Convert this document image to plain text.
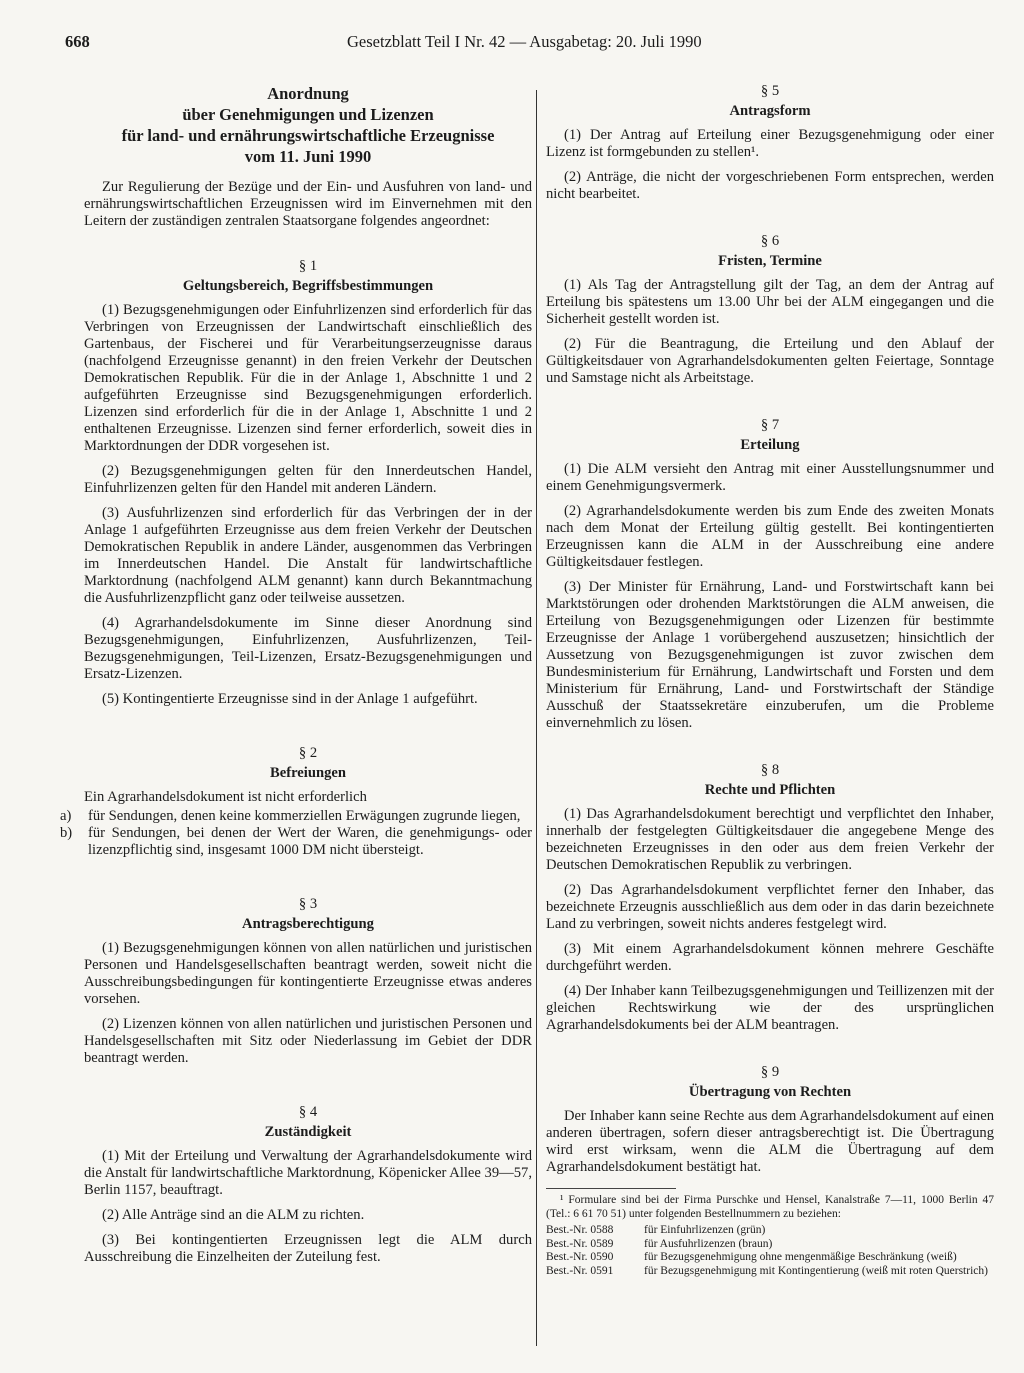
668	Gesetzblatt Teil I Nr. 42 — Ausgabetag: 20. Juli 1990
Anordnung
über Genehmigungen und Lizenzen
für land- und ernährungswirtschaftliche Erzeugnisse
vom 11. Juni 1990

Zur Regulierung der Bezüge und der Ein- und Ausfuhren von land- und ernährungswirtschaftlichen Erzeugnissen wird im Einvernehmen mit den Leitern der zuständigen zentralen Staatsorgane folgendes angeordnet:

§ 1
Geltungsbereich, Begriffsbestimmungen

(1) Bezugsgenehmigungen oder Einfuhrlizenzen sind erforderlich für das Verbringen von Erzeugnissen der Landwirtschaft einschließlich des Gartenbaus, der Fischerei und für Verarbeitungserzeugnisse daraus (nachfolgend Erzeugnisse genannt) in den freien Verkehr der Deutschen Demokratischen Republik. Für die in der Anlage 1, Abschnitte 1 und 2 aufgeführten Erzeugnisse sind Bezugsgenehmigungen erforderlich. Lizenzen sind erforderlich für die in der Anlage 1, Abschnitte 1 und 2 enthaltenen Erzeugnisse. Lizenzen sind ferner erforderlich, soweit dies in Marktordnungen der DDR vorgesehen ist.

(2) Bezugsgenehmigungen gelten für den Innerdeutschen Handel, Einfuhrlizenzen gelten für den Handel mit anderen Ländern.

(3) Ausfuhrlizenzen sind erforderlich für das Verbringen der in der Anlage 1 aufgeführten Erzeugnisse aus dem freien Verkehr der Deutschen Demokratischen Republik in andere Länder, ausgenommen das Verbringen im Innerdeutschen Handel. Die Anstalt für landwirtschaftliche Marktordnung (nachfolgend ALM genannt) kann durch Bekanntmachung die Ausfuhrlizenzpflicht ganz oder teilweise aussetzen.

(4) Agrarhandelsdokumente im Sinne dieser Anordnung sind Bezugsgenehmigungen, Einfuhrlizenzen, Ausfuhrlizenzen, Teil-Bezugsgenehmigungen, Teil-Lizenzen, Ersatz-Bezugsgenehmigungen und Ersatz-Lizenzen.

(5) Kontingentierte Erzeugnisse sind in der Anlage 1 aufgeführt.

§ 2
Befreiungen

Ein Agrarhandelsdokument ist nicht erforderlich

a)	für Sendungen, denen keine kommerziellen Erwägungen zugrunde liegen,
b)	für Sendungen, bei denen der Wert der Waren, die genehmigungs- oder lizenzpflichtig sind, insgesamt 1000 DM nicht übersteigt.
§ 3
Antragsberechtigung

(1) Bezugsgenehmigungen können von allen natürlichen und juristischen Personen und Handelsgesellschaften beantragt werden, soweit nicht die Ausschreibungsbedingungen für kontingentierte Erzeugnisse etwas anderes vorsehen.

(2) Lizenzen können von allen natürlichen und juristischen Personen und Handelsgesellschaften mit Sitz oder Niederlassung im Gebiet der DDR beantragt werden.

§ 4
Zuständigkeit

(1) Mit der Erteilung und Verwaltung der Agrarhandelsdokumente wird die Anstalt für landwirtschaftliche Marktordnung, Köpenicker Allee 39—57, Berlin 1157, beauftragt.

(2) Alle Anträge sind an die ALM zu richten.

(3) Bei kontingentierten Erzeugnissen legt die ALM durch Ausschreibung die Einzelheiten der Zuteilung fest.

§ 5
Antragsform

(1) Der Antrag auf Erteilung einer Bezugsgenehmigung oder einer Lizenz ist formgebunden zu stellen¹.

(2) Anträge, die nicht der vorgeschriebenen Form entsprechen, werden nicht bearbeitet.

§ 6
Fristen, Termine

(1) Als Tag der Antragstellung gilt der Tag, an dem der Antrag auf Erteilung bis spätestens um 13.00 Uhr bei der ALM eingegangen und die Sicherheit gestellt worden ist.

(2) Für die Beantragung, die Erteilung und den Ablauf der Gültigkeitsdauer von Agrarhandelsdokumenten gelten Feiertage, Sonntage und Samstage nicht als Arbeitstage.

§ 7
Erteilung

(1) Die ALM versieht den Antrag mit einer Ausstellungsnummer und einem Genehmigungsvermerk.

(2) Agrarhandelsdokumente werden bis zum Ende des zweiten Monats nach dem Monat der Erteilung gültig gestellt. Bei kontingentierten Erzeugnissen kann die ALM in der Ausschreibung eine andere Gültigkeitsdauer festlegen.

(3) Der Minister für Ernährung, Land- und Forstwirtschaft kann bei Marktstörungen oder drohenden Marktstörungen die ALM anweisen, die Erteilung von Bezugsgenehmigungen oder Lizenzen für bestimmte Erzeugnisse der Anlage 1 vorübergehend auszusetzen; hinsichtlich der Aussetzung von Bezugsgenehmigungen ist zuvor zwischen dem Bundesministerium für Ernährung, Landwirtschaft und Forsten und dem Ministerium für Ernährung, Land- und Forstwirtschaft der Ständige Ausschuß der Staatssekretäre einzuberufen, um die Probleme einvernehmlich zu lösen.

§ 8
Rechte und Pflichten

(1) Das Agrarhandelsdokument berechtigt und verpflichtet den Inhaber, innerhalb der festgelegten Gültigkeitsdauer die angegebene Menge des bezeichneten Erzeugnisses in den oder aus dem freien Verkehr der Deutschen Demokratischen Republik zu verbringen.

(2) Das Agrarhandelsdokument verpflichtet ferner den Inhaber, das bezeichnete Erzeugnis ausschließlich aus dem oder in das darin bezeichnete Land zu verbringen, soweit nichts anderes festgelegt wird.

(3) Mit einem Agrarhandelsdokument können mehrere Geschäfte durchgeführt werden.

(4) Der Inhaber kann Teilbezugsgenehmigungen und Teillizenzen mit der gleichen Rechtswirkung wie der des ursprünglichen Agrarhandelsdokuments bei der ALM beantragen.

§ 9
Übertragung von Rechten

Der Inhaber kann seine Rechte aus dem Agrarhandelsdokument auf einen anderen übertragen, sofern dieser antragsberechtigt ist. Die Übertragung wird erst wirksam, wenn die ALM die Übertragung auf dem Agrarhandelsdokument bestätigt hat.

¹ Formulare sind bei der Firma Purschke und Hensel, Kanalstraße 7—11, 1000 Berlin 47 (Tel.: 6 61 70 51) unter folgenden Bestellnummern zu beziehen:

Best.-Nr. 0588	für Einfuhrlizenzen (grün)
Best.-Nr. 0589	für Ausfuhrlizenzen (braun)
Best.-Nr. 0590	für Bezugsgenehmigung ohne mengenmäßige Beschränkung (weiß)
Best.-Nr. 0591	für Bezugsgenehmigung mit Kontingentierung (weiß mit roten Querstrich)
